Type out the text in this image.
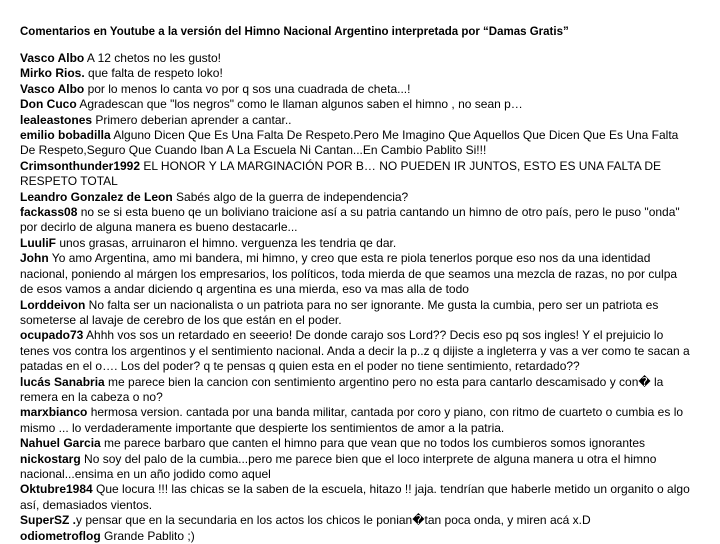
Comentarios en Youtube a la versión del Himno Nacional Argentino interpretada por “Damas Gratis”

Vasco Albo A 12 chetos no les gusto!

Mirko Rios. que falta de respeto loko!

Vasco Albo por lo menos lo canta vo por q sos una cuadrada de cheta...!

Don Cuco Agradescan que "los negros" como le llaman algunos saben el himno , no sean p…

lealeastones Primero deberian aprender a cantar..

emilio bobadilla Alguno Dicen Que Es Una Falta De Respeto.Pero Me Imagino Que Aquellos Que Dicen Que Es Una Falta De Respeto,Seguro Que Cuando Iban A La Escuela Ni Cantan...En Cambio Pablito Si!!!

Crimsonthunder1992 EL HONOR Y LA MARGINACIÓN POR B… NO PUEDEN IR JUNTOS, ESTO ES UNA FALTA DE RESPETO TOTAL

Leandro Gonzalez de Leon Sabés algo de la guerra de independencia?

fackass08 no se si esta bueno qe un boliviano traicione así a su patria cantando un himno de otro país, pero le puso "onda" por decirlo de alguna manera es bueno destacarle...

LuuliF unos grasas, arruinaron el himno. verguenza les tendria qe dar.

John Yo amo Argentina, amo mi bandera, mi himno, y creo que esta re piola tenerlos porque eso nos da una identidad nacional, poniendo al márgen los empresarios, los políticos, toda mierda de que seamos una mezcla de razas, no por culpa de esos vamos a andar diciendo q argentina es una mierda, eso va mas alla de todo

Lorddeivon No falta ser un nacionalista o un patriota para no ser ignorante. Me gusta la cumbia, pero ser un patriota es someterse al lavaje de cerebro de los que están en el poder.

ocupado73 Ahhh vos sos un retardado en seeerio! De donde carajo sos Lord?? Decis eso pq sos ingles! Y el prejuicio lo tenes vos contra los argentinos y el sentimiento nacional. Anda a decir la p..z q dijiste a ingleterra y vas a ver como te sacan a patadas en el o…. Los del poder? q te pensas q quien esta en el poder no tiene sentimiento, retardado??

lucás Sanabria me parece bien la cancion con sentimiento argentino pero no esta para cantarlo descamisado y con� la remera en la cabeza o no?

marxbianco hermosa version. cantada por una banda militar, cantada por coro y piano, con ritmo de cuarteto o cumbia es lo mismo ... lo verdaderamente importante que despierte los sentimientos de amor a la patria.

Nahuel Garcia me parece barbaro que canten el himno para que vean que no todos los cumbieros somos ignorantes

nickostarg No soy del palo de la cumbia...pero me parece bien que el loco interprete de alguna manera u otra el himno nacional...ensima en un año jodido como aquel

Oktubre1984 Que locura !!! las chicas se la saben de la escuela, hitazo !! jaja. tendrían que haberle metido un organito o algo así, demasiados vientos.

SuperSZ .y pensar que en la secundaria en los actos los chicos le ponian�tan poca onda, y miren acá x.D

odiometroflog Grande Pablito ;)
